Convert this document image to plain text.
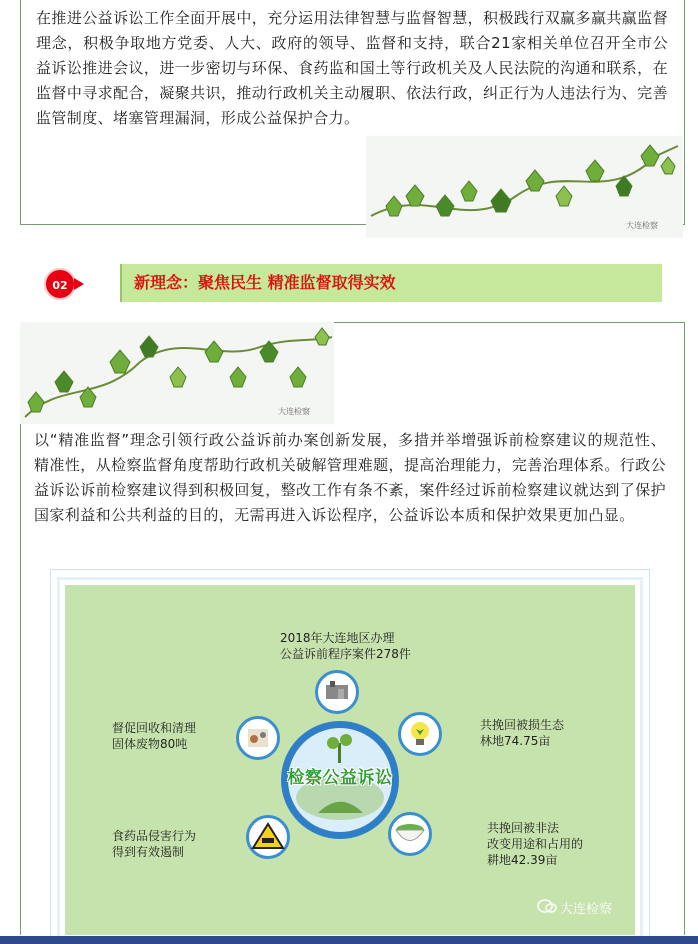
在推进公益诉讼工作全面开展中，充分运用法律智慧与监督智慧，积极践行双赢多赢共赢监督理念，积极争取地方党委、人大、政府的领导、监督和支持，联合21家相关单位召开全市公益诉讼推进会议，进一步密切与环保、食药监和国土等行政机关及人民法院的沟通和联系，在监督中寻求配合，凝聚共识，推动行政机关主动履职、依法行政，纠正行为人违法行为、完善监管制度、堵塞管理漏洞，形成公益保护合力。
大连检察
02	新理念：聚焦民生 精准监督取得实效
大连检察
以“精准监督”理念引领行政公益诉前办案创新发展，多措并举增强诉前检察建议的规范性、精准性，从检察监督角度帮助行政机关破解管理难题，提高治理能力，完善治理体系。行政公益诉讼诉前检察建议得到积极回复，整改工作有条不紊，案件经过诉前检察建议就达到了保护国家利益和公共利益的目的，无需再进入诉讼程序，公益诉讼本质和保护效果更加凸显。
检察公益诉讼
2018年大连地区办理
公益诉前程序案件278件
督促回收和清理
固体废物80吨
共挽回被损生态
林地74.75亩
食药品侵害行为
得到有效遏制
共挽回被非法
改变用途和占用的
耕地42.39亩
大连检察
